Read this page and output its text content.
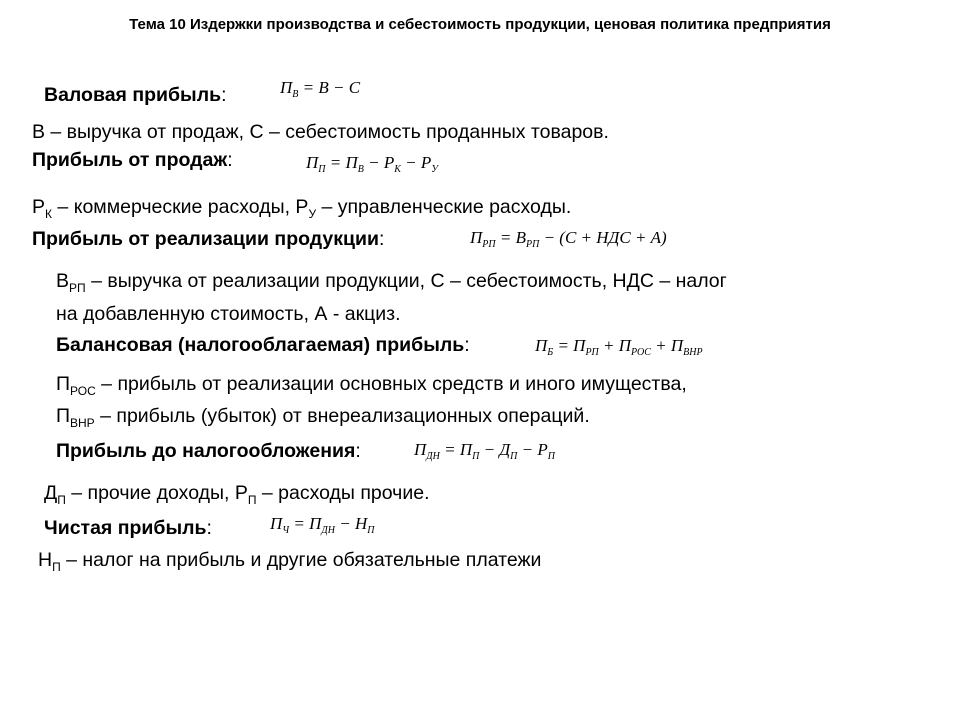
Тема 10 Издержки производства и себестоимость продукции, ценовая политика предприятия
Валовая прибыль:	$П_В = В - С$
В – выручка от продаж, С – себестоимость проданных товаров.
Прибыль от продаж:	$П_П = П_В - Р_К - Р_У$
$Р_К$ – коммерческие расходы, $Р_У$ – управленческие расходы.
Прибыль от реализации продукции:	$П_{РП} = В_{РП} - (С$ + НДС + А)
$В_{РП}$ – выручка от реализации продукции, С – себестоимость, НДС – налог
на добавленную стоимость, А - акциз.
Балансовая (налогооблагаемая) прибыль:	$П_Б = П_{РП} + П_{РОС} + П_{ВНР}$
$П_{РОС}$ – прибыль от реализации основных средств и иного имущества,
$П_{ВНР}$ – прибыль (убыток) от внереализационных операций.
Прибыль до налогообложения:	$П_{ДН} = П_П - Д_П - Р_П$
$Д_П$ – прочие доходы, $Р_П$ – расходы прочие.
Чистая прибыль:	$П_Ч = П_{ДН} - Н_П$
$Н_П$ – налог на прибыль и другие обязательные платежи
